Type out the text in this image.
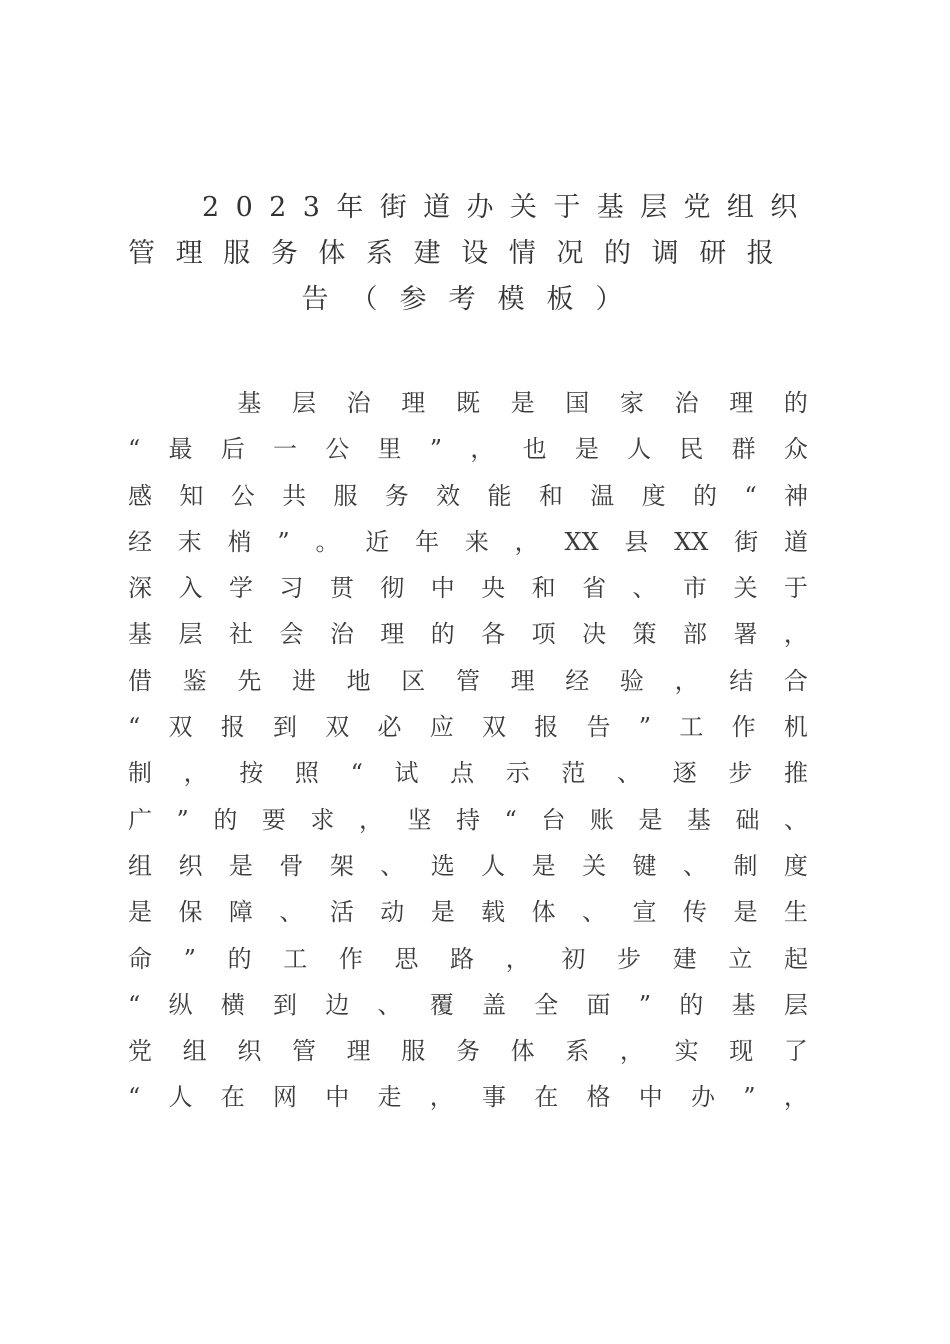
2023年街道办关于基层党组织
管理服务体系建设情况的调研报
告（参考模板）

基 层 治 理 既 是 国 家 治 理 的
“ 最 后 一 公 里 ” ， 也 是 人 民 群 众
感 知 公 共 服 务 效 能 和 温 度 的 “ 神
经 末 梢 ” 。 近 年 来 ， XX 县 XX 街 道
深 入 学 习 贯 彻 中 央 和 省 、 市 关 于
基 层 社 会 治 理 的 各 项 决 策 部 署 ，
借 鉴 先 进 地 区 管 理 经 验 ， 结 合
“ 双 报 到 双 必 应 双 报 告 ” 工 作 机
制 ， 按 照 “ 试 点 示 范 、 逐 步 推
广 ” 的 要 求 ， 坚 持 “ 台 账 是 基 础 、
组 织 是 骨 架 、 选 人 是 关 键 、 制 度
是 保 障 、 活 动 是 载 体 、 宣 传 是 生
命 ” 的 工 作 思 路 ， 初 步 建 立 起
“ 纵 横 到 边 、 覆 盖 全 面 ” 的 基 层
党 组 织 管 理 服 务 体 系 ， 实 现 了
“ 人 在 网 中 走 ， 事 在 格 中 办 ” ，
